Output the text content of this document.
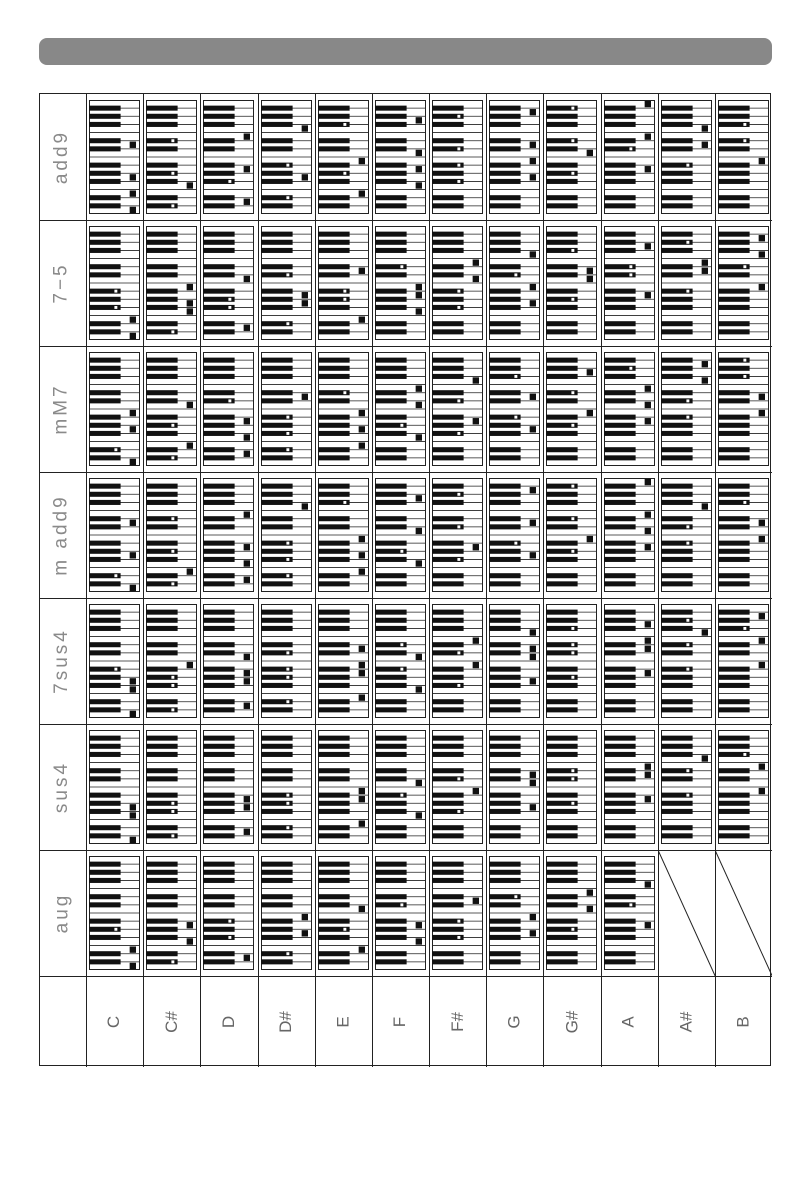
add9
7−5
mM7
m add9
7sus4
sus4
aug
C C# D D# E F F# G G# A A# B
